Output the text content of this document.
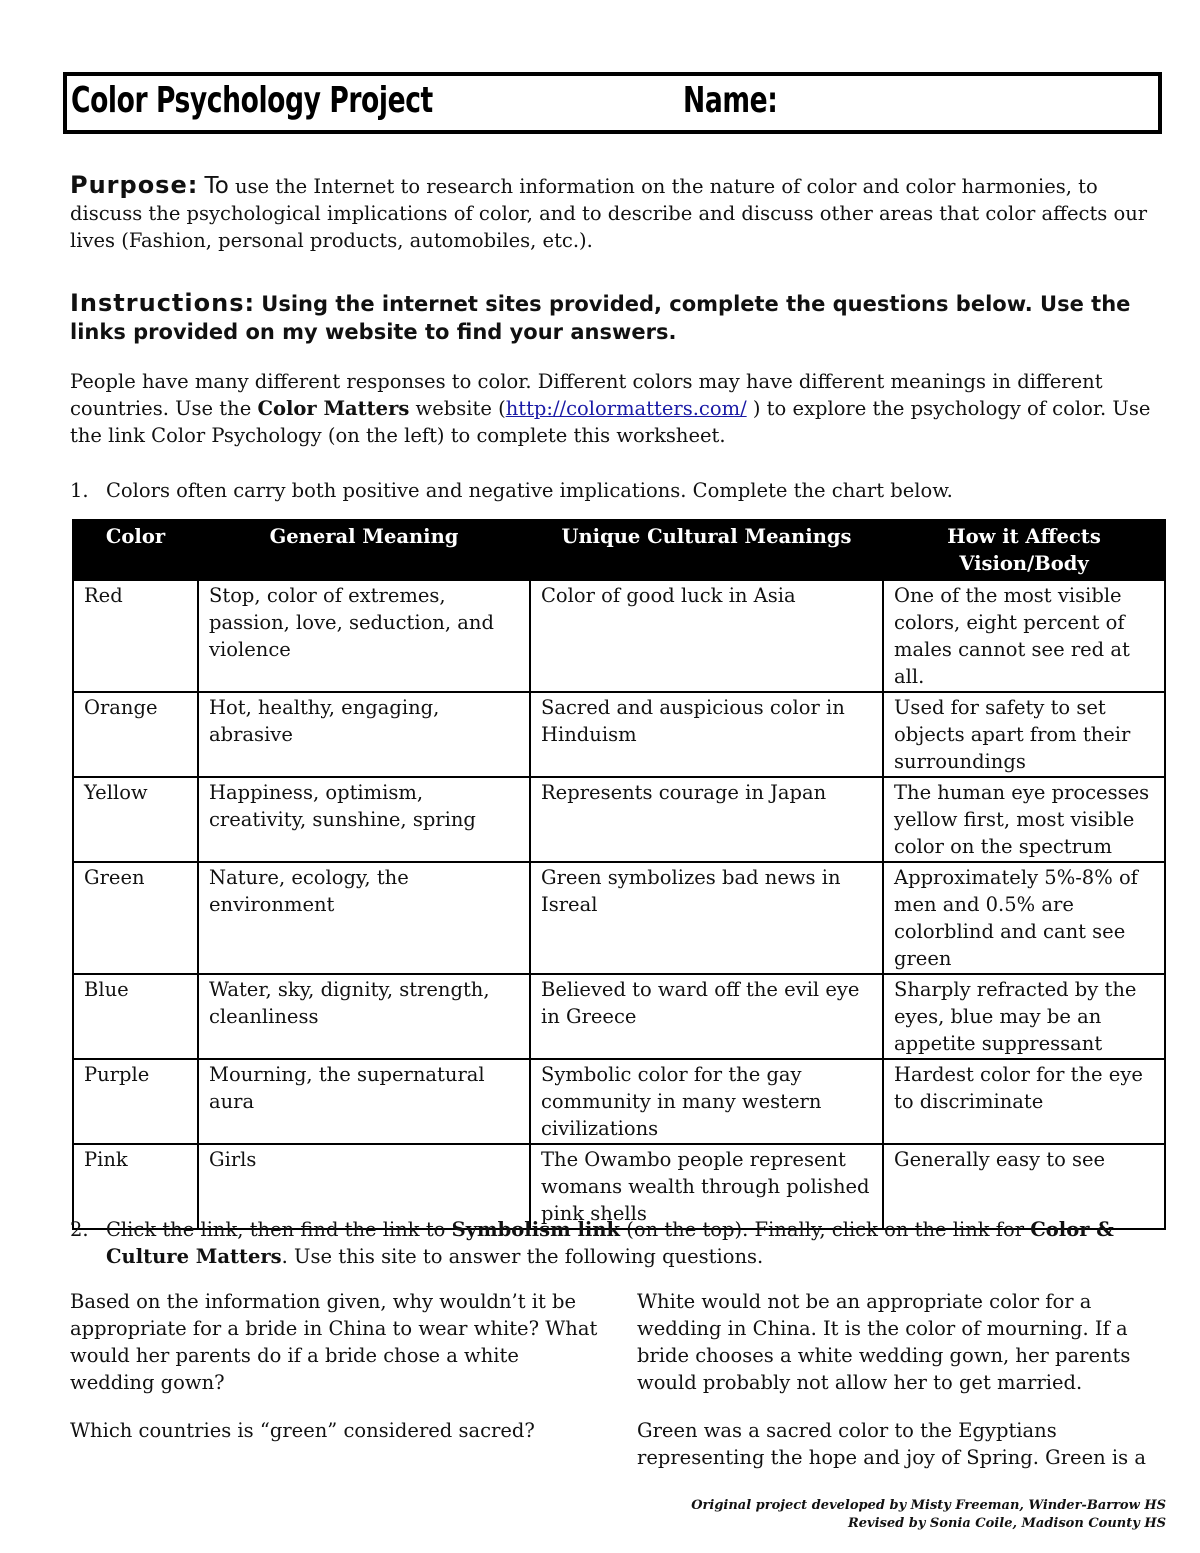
Color Psychology Project	Name:

Purpose: To use the Internet to research information on the nature of color and color harmonies, to discuss the psychological implications of color, and to describe and discuss other areas that color affects our lives (Fashion, personal products, automobiles, etc.).

Instructions: Using the internet sites provided, complete the questions below. Use the links provided on my website to find your answers.

People have many different responses to color. Different colors may have different meanings in different countries. Use the Color Matters website (http://colormatters.com/ ) to explore the psychology of color. Use the link Color Psychology (on the left) to complete this worksheet.

1. Colors often carry both positive and negative implications. Complete the chart below.

Color	General Meaning	Unique Cultural Meanings	How it Affects Vision/Body
Red	Stop, color of extremes, passion, love, seduction, and violence	Color of good luck in Asia	One of the most visible colors, eight percent of males cannot see red at all.
Orange	Hot, healthy, engaging, abrasive	Sacred and auspicious color in Hinduism	Used for safety to set objects apart from their surroundings
Yellow	Happiness, optimism, creativity, sunshine, spring	Represents courage in Japan	The human eye processes yellow first, most visible color on the spectrum
Green	Nature, ecology, the environment	Green symbolizes bad news in Isreal	Approximately 5%-8% of men and 0.5% are colorblind and cant see green
Blue	Water, sky, dignity, strength, cleanliness	Believed to ward off the evil eye in Greece	Sharply refracted by the eyes, blue may be an appetite suppressant
Purple	Mourning, the supernatural aura	Symbolic color for the gay community in many western civilizations	Hardest color for the eye to discriminate
Pink	Girls	The Owambo people represent womans wealth through polished pink shells	Generally easy to see
2. Click the link, then find the link to Symbolism link (on the top). Finally, click on the link for Color & Culture Matters. Use this site to answer the following questions.
Based on the information given, why wouldn’t it be appropriate for a bride in China to wear white? What would her parents do if a bride chose a white wedding gown?
White would not be an appropriate color for a wedding in China. It is the color of mourning. If a bride chooses a white wedding gown, her parents would probably not allow her to get married.
Which countries is “green” considered sacred?	Green was a sacred color to the Egyptians representing the hope and joy of Spring. Green is a
Original project developed by Misty Freeman, Winder-Barrow HS
Revised by Sonia Coile, Madison County HS
